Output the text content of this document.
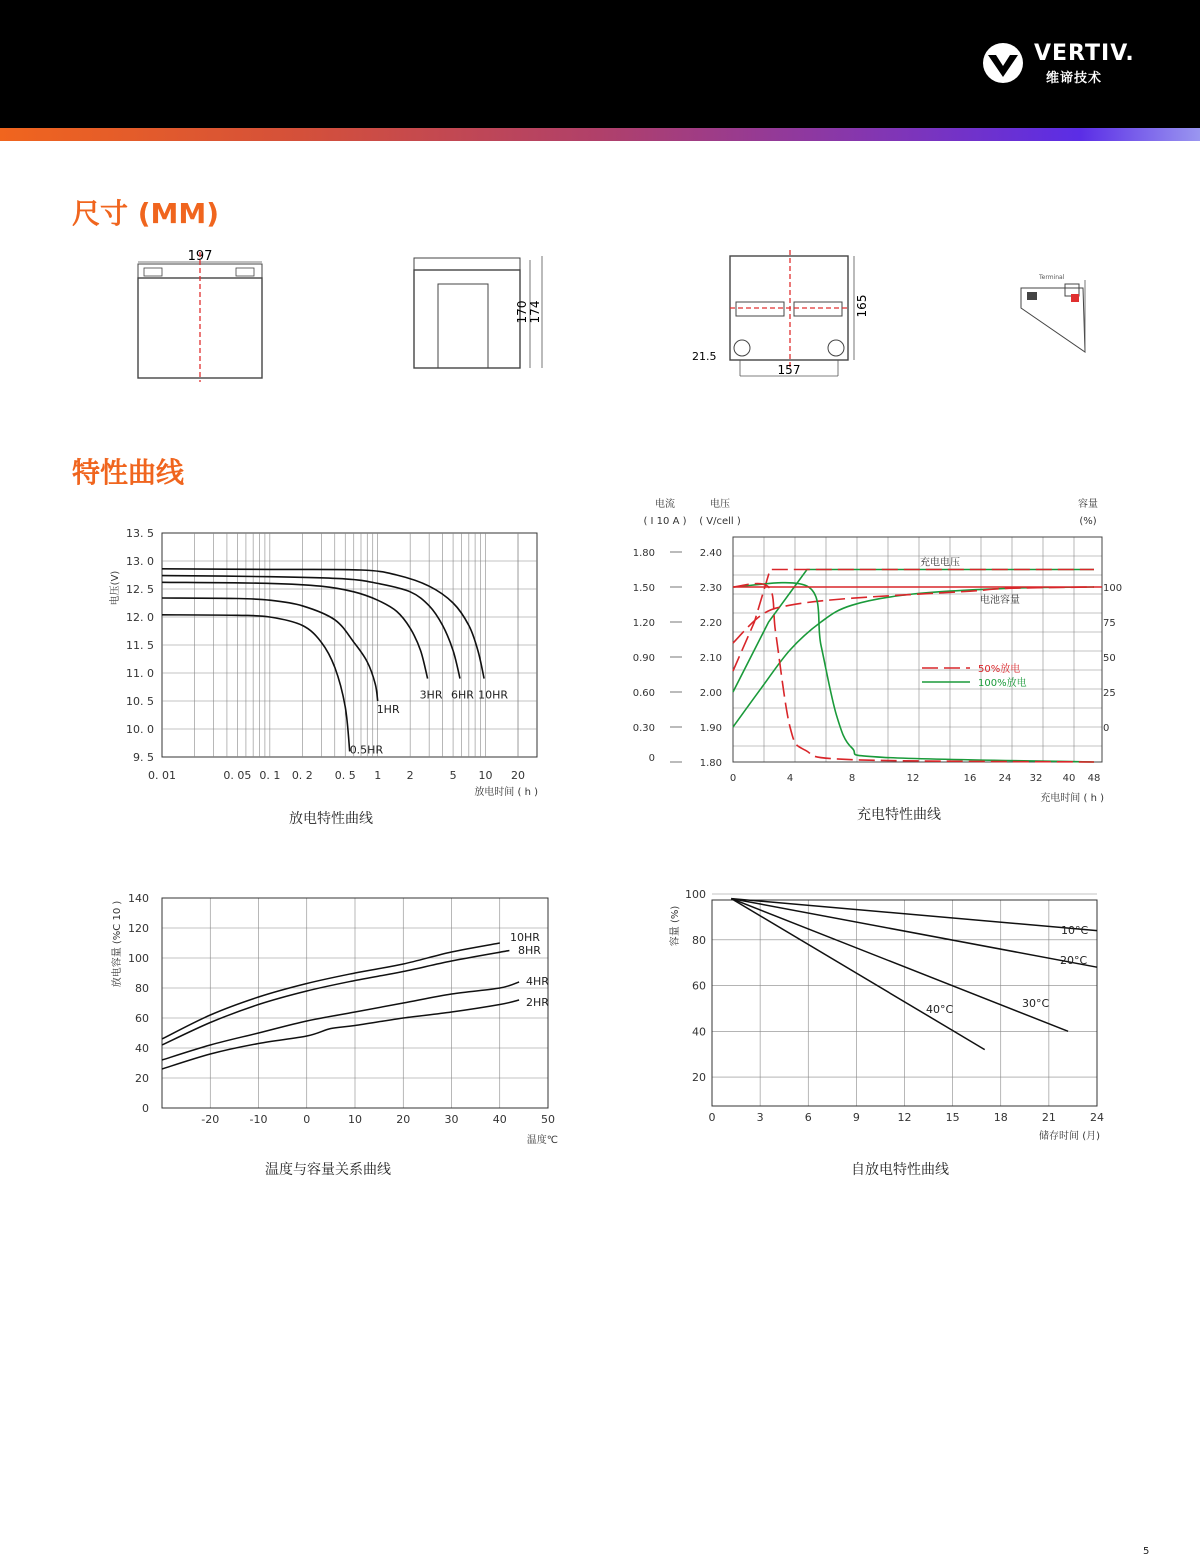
VERTIV.
维谛技术
尺寸 (MM)
197
170 174	165
21.5
157
Terminal
特性曲线
13. 5
13. 0
12. 5
12. 0
11. 5
11. 0
10. 5
10. 0
9. 5
0. 01	0. 05 0. 1 0. 2 0. 5 1 2	5 10 20
电压(V)
放电时间 ( h )
0.5HR
1HR
3HR 6HR 10HR
放电特性曲线
电流
( I 10 A )
电压
( V/cell )
容量
(%)
1.80
1.50
1.20
0.90
0.60
0.30
0
2.40
2.30
2.20
2.10
2.00
1.90
1.80
100
75
50
25
0
0	4	8	12	16 24 32 40 48
充电时间 ( h )
充电电压
电池容量
50%放电
100%放电
充电特性曲线
-20	-10	0	10	20	30	40	50
140
120
100
80
60
40
20
0
放电容量 (%C 10 )
温度℃
10HR
8HR
4HR
2HR
温度与容量关系曲线
0	3	6	9	12	15	18	21	24
100
80
60
40
20
容量 (%)
储存时间 (月)
10°C
20°C
30°C
40°C
自放电特性曲线
5
